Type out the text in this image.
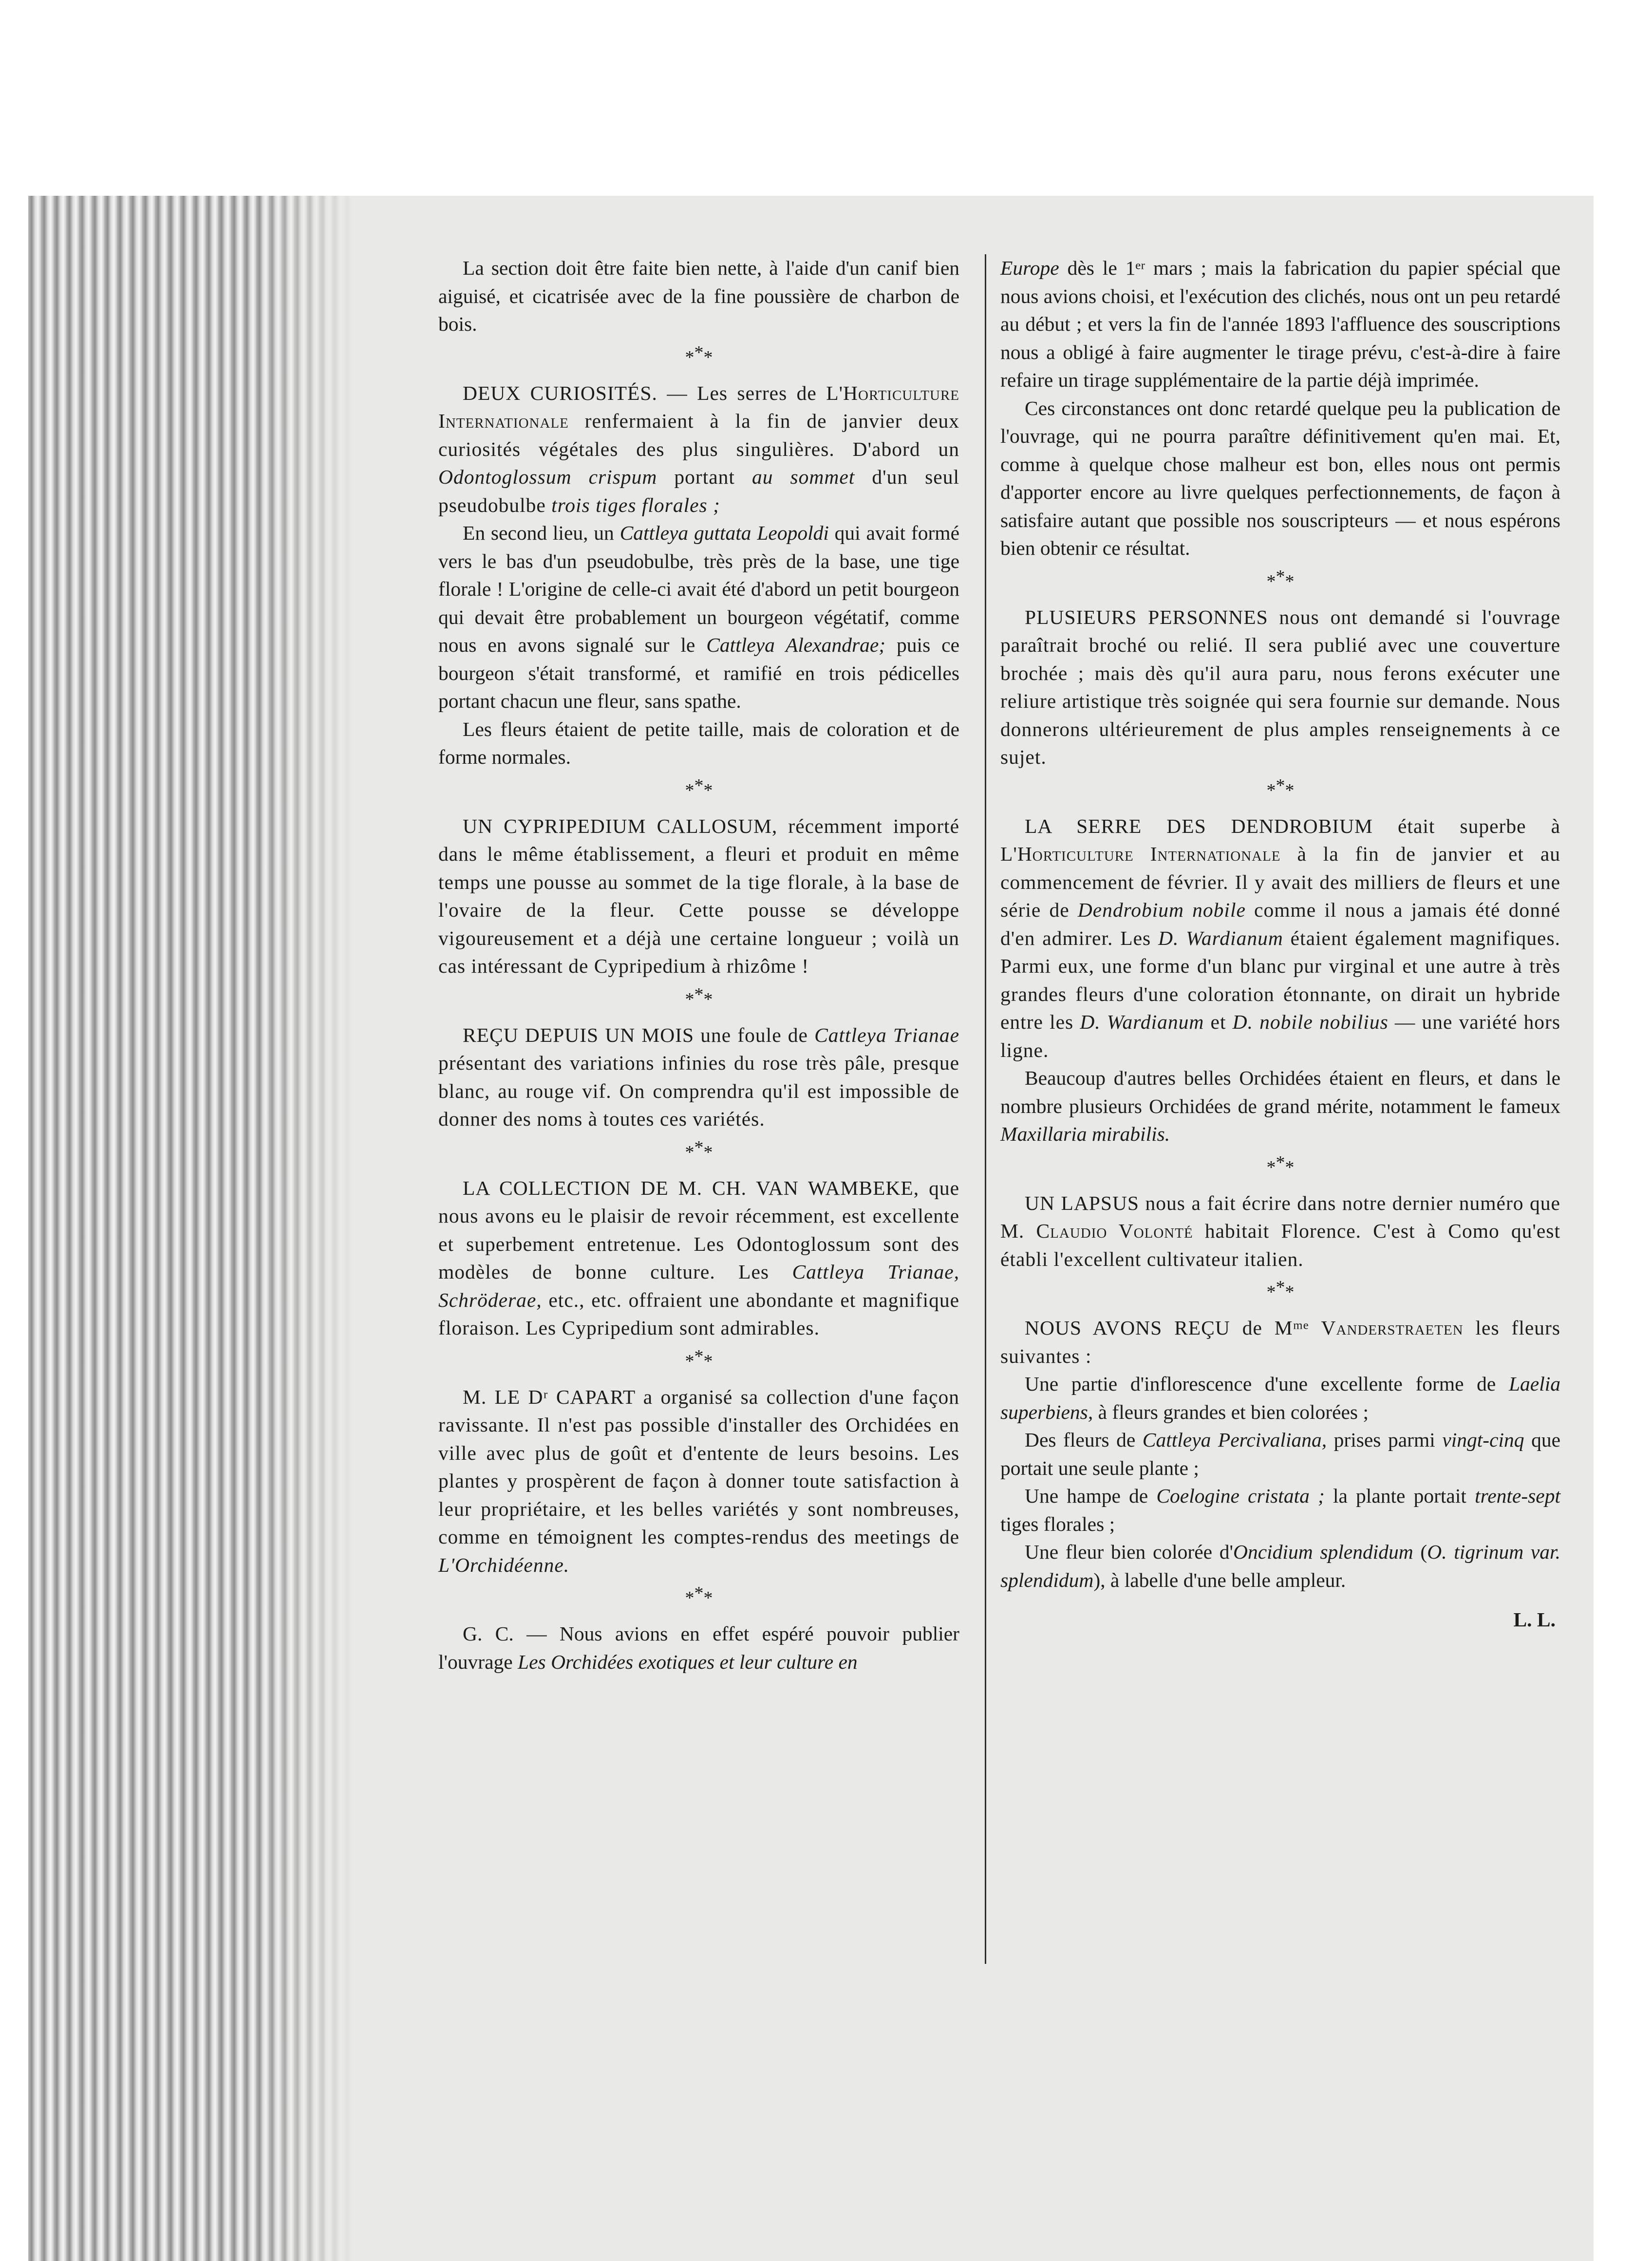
La section doit être faite bien nette, à l'aide d'un canif bien aiguisé, et cicatrisée avec de la fine poussière de charbon de bois.

***

DEUX CURIOSITÉS. — Les serres de L'Horticulture Internationale renfermaient à la fin de janvier deux curiosités végétales des plus singulières. D'abord un Odontoglossum crispum portant au sommet d'un seul pseudobulbe trois tiges florales ;

En second lieu, un Cattleya guttata Leopoldi qui avait formé vers le bas d'un pseudobulbe, très près de la base, une tige florale ! L'origine de celle-ci avait été d'abord un petit bourgeon qui devait être probablement un bourgeon végétatif, comme nous en avons signalé sur le Cattleya Alexandrae; puis ce bourgeon s'était transformé, et ramifié en trois pédicelles portant chacun une fleur, sans spathe.

Les fleurs étaient de petite taille, mais de coloration et de forme normales.

***

UN CYPRIPEDIUM CALLOSUM, récemment importé dans le même établissement, a fleuri et produit en même temps une pousse au sommet de la tige florale, à la base de l'ovaire de la fleur. Cette pousse se développe vigoureusement et a déjà une certaine longueur ; voilà un cas intéressant de Cypripedium à rhizôme !

***

REÇU DEPUIS UN MOIS une foule de Cattleya Trianae présentant des variations infinies du rose très pâle, presque blanc, au rouge vif. On comprendra qu'il est impossible de donner des noms à toutes ces variétés.

***

LA COLLECTION DE M. CH. VAN WAMBEKE, que nous avons eu le plaisir de revoir récemment, est excellente et superbement entretenue. Les Odontoglossum sont des modèles de bonne culture. Les Cattleya Trianae, Schröderae, etc., etc. offraient une abondante et magnifique floraison. Les Cypripedium sont admirables.

***

M. LE Dʳ CAPART a organisé sa collection d'une façon ravissante. Il n'est pas possible d'installer des Orchidées en ville avec plus de goût et d'entente de leurs besoins. Les plantes y prospèrent de façon à donner toute satisfaction à leur propriétaire, et les belles variétés y sont nombreuses, comme en témoignent les comptes-rendus des meetings de L'Orchidéenne.

***

G. C. — Nous avions en effet espéré pouvoir publier l'ouvrage Les Orchidées exotiques et leur culture en

Europe dès le 1ᵉʳ mars ; mais la fabrication du papier spécial que nous avions choisi, et l'exécution des clichés, nous ont un peu retardé au début ; et vers la fin de l'année 1893 l'affluence des souscriptions nous a obligé à faire augmenter le tirage prévu, c'est-à-dire à faire refaire un tirage supplémentaire de la partie déjà imprimée.

Ces circonstances ont donc retardé quelque peu la publication de l'ouvrage, qui ne pourra paraître définitivement qu'en mai. Et, comme à quelque chose malheur est bon, elles nous ont permis d'apporter encore au livre quelques perfectionnements, de façon à satisfaire autant que possible nos souscripteurs — et nous espérons bien obtenir ce résultat.

***

PLUSIEURS PERSONNES nous ont demandé si l'ouvrage paraîtrait broché ou relié. Il sera publié avec une couverture brochée ; mais dès qu'il aura paru, nous ferons exécuter une reliure artistique très soignée qui sera fournie sur demande. Nous donnerons ultérieurement de plus amples renseignements à ce sujet.

***

LA SERRE DES DENDROBIUM était superbe à L'Horticulture Internationale à la fin de janvier et au commencement de février. Il y avait des milliers de fleurs et une série de Dendrobium nobile comme il nous a jamais été donné d'en admirer. Les D. Wardianum étaient également magnifiques. Parmi eux, une forme d'un blanc pur virginal et une autre à très grandes fleurs d'une coloration étonnante, on dirait un hybride entre les D. Wardianum et D. nobile nobilius — une variété hors ligne.

Beaucoup d'autres belles Orchidées étaient en fleurs, et dans le nombre plusieurs Orchidées de grand mérite, notamment le fameux Maxillaria mirabilis.

***

UN LAPSUS nous a fait écrire dans notre dernier numéro que M. Claudio Volonté habitait Florence. C'est à Como qu'est établi l'excellent cultivateur italien.

***

NOUS AVONS REÇU de Mᵐᵉ Vanderstraeten les fleurs suivantes :

Une partie d'inflorescence d'une excellente forme de Laelia superbiens, à fleurs grandes et bien colorées ;

Des fleurs de Cattleya Percivaliana, prises parmi vingt-cinq que portait une seule plante ;

Une hampe de Coelogine cristata ; la plante portait trente-sept tiges florales ;

Une fleur bien colorée d'Oncidium splendidum (O. tigrinum var. splendidum), à labelle d'une belle ampleur.

L. L.
